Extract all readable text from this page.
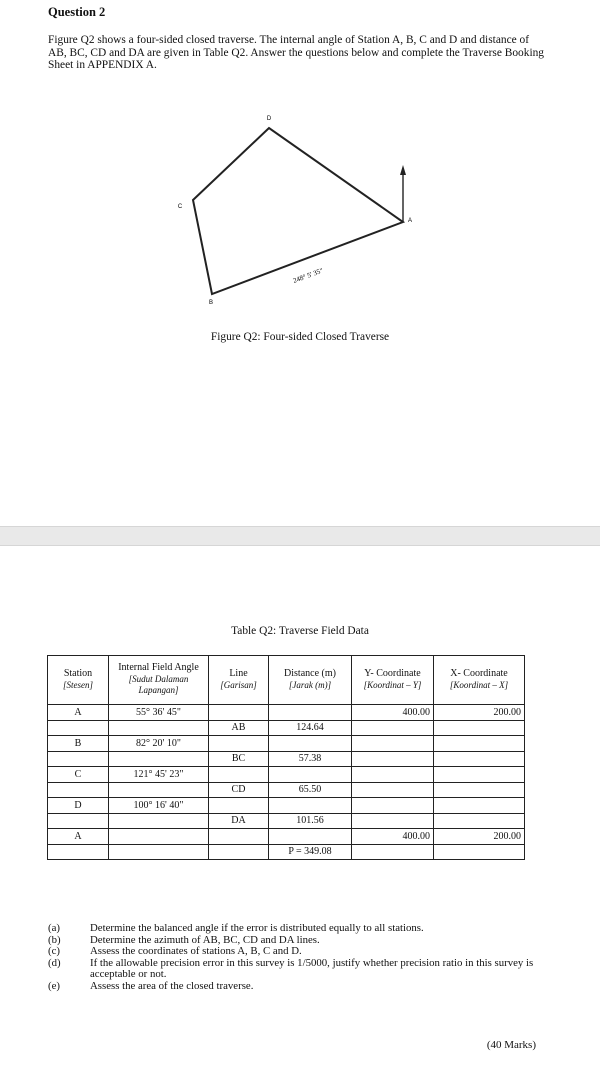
Question 2

Figure Q2 shows a four-sided closed traverse. The internal angle of Station A, B, C and D and distance of AB, BC, CD and DA are given in Table Q2. Answer the questions below and complete the Traverse Booking Sheet in APPENDIX A.

D
C
A
B
248° 5' 35"
Figure Q2: Four-sided Closed Traverse
Table Q2: Traverse Field Data
Station
[Stesen]	Internal Field Angle
[Sudut Dalaman Lapangan]	Line
[Garisan]	Distance (m)
[Jarak (m)]	Y- Coordinate
[Koordinat – Y]	X- Coordinate
[Koordinat – X]
A	55° 36' 45"			400.00	200.00
		AB	124.64		
B	82° 20' 10"				
		BC	57.38		
C	121° 45' 23"				
		CD	65.50		
D	100° 16' 40"				
		DA	101.56		
A				400.00	200.00
			P = 349.08		
(a)	Determine the balanced angle if the error is distributed equally to all stations.
(b)	Determine the azimuth of AB, BC, CD and DA lines.
(c)	Assess the coordinates of stations A, B, C and D.
(d)	If the allowable precision error in this survey is 1/5000, justify whether precision ratio in this survey is acceptable or not.
(e)	Assess the area of the closed traverse.
(40 Marks)
